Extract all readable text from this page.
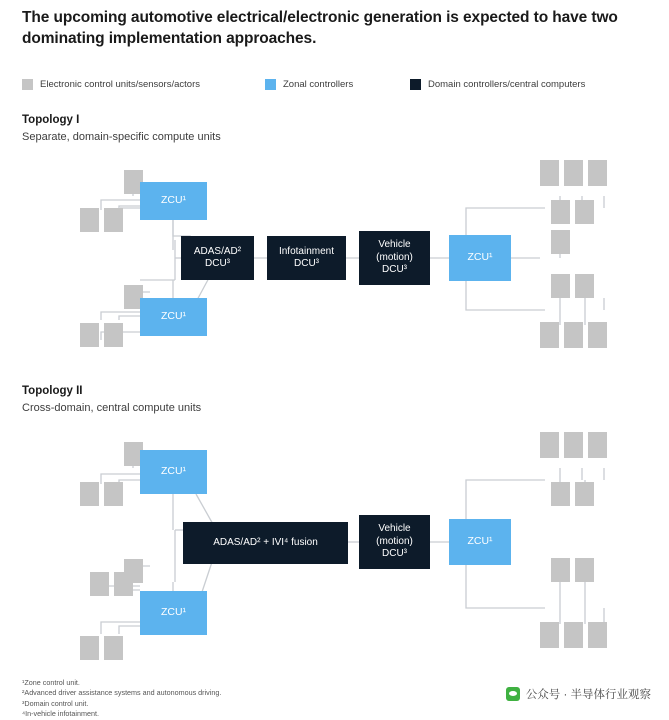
The upcoming automotive electrical/electronic generation is expected to have two dominating implementation approaches.
Electronic control units/sensors/actors	Zonal controllers	Domain controllers/central computers
Topology I
Separate, domain-specific compute units
ZCU¹
ZCU¹
ZCU¹
ADAS/AD²
DCU³
Infotainment
DCU³
Vehicle
(motion)
DCU³
Topology II
Cross-domain, central compute units
ZCU¹
ZCU¹
ZCU¹
ADAS/AD² + IVI⁴ fusion
Vehicle
(motion)
DCU³
¹Zone control unit.
²Advanced driver assistance systems and autonomous driving.
³Domain control unit.
⁴In-vehicle infotainment.
公众号 · 半导体行业观察
